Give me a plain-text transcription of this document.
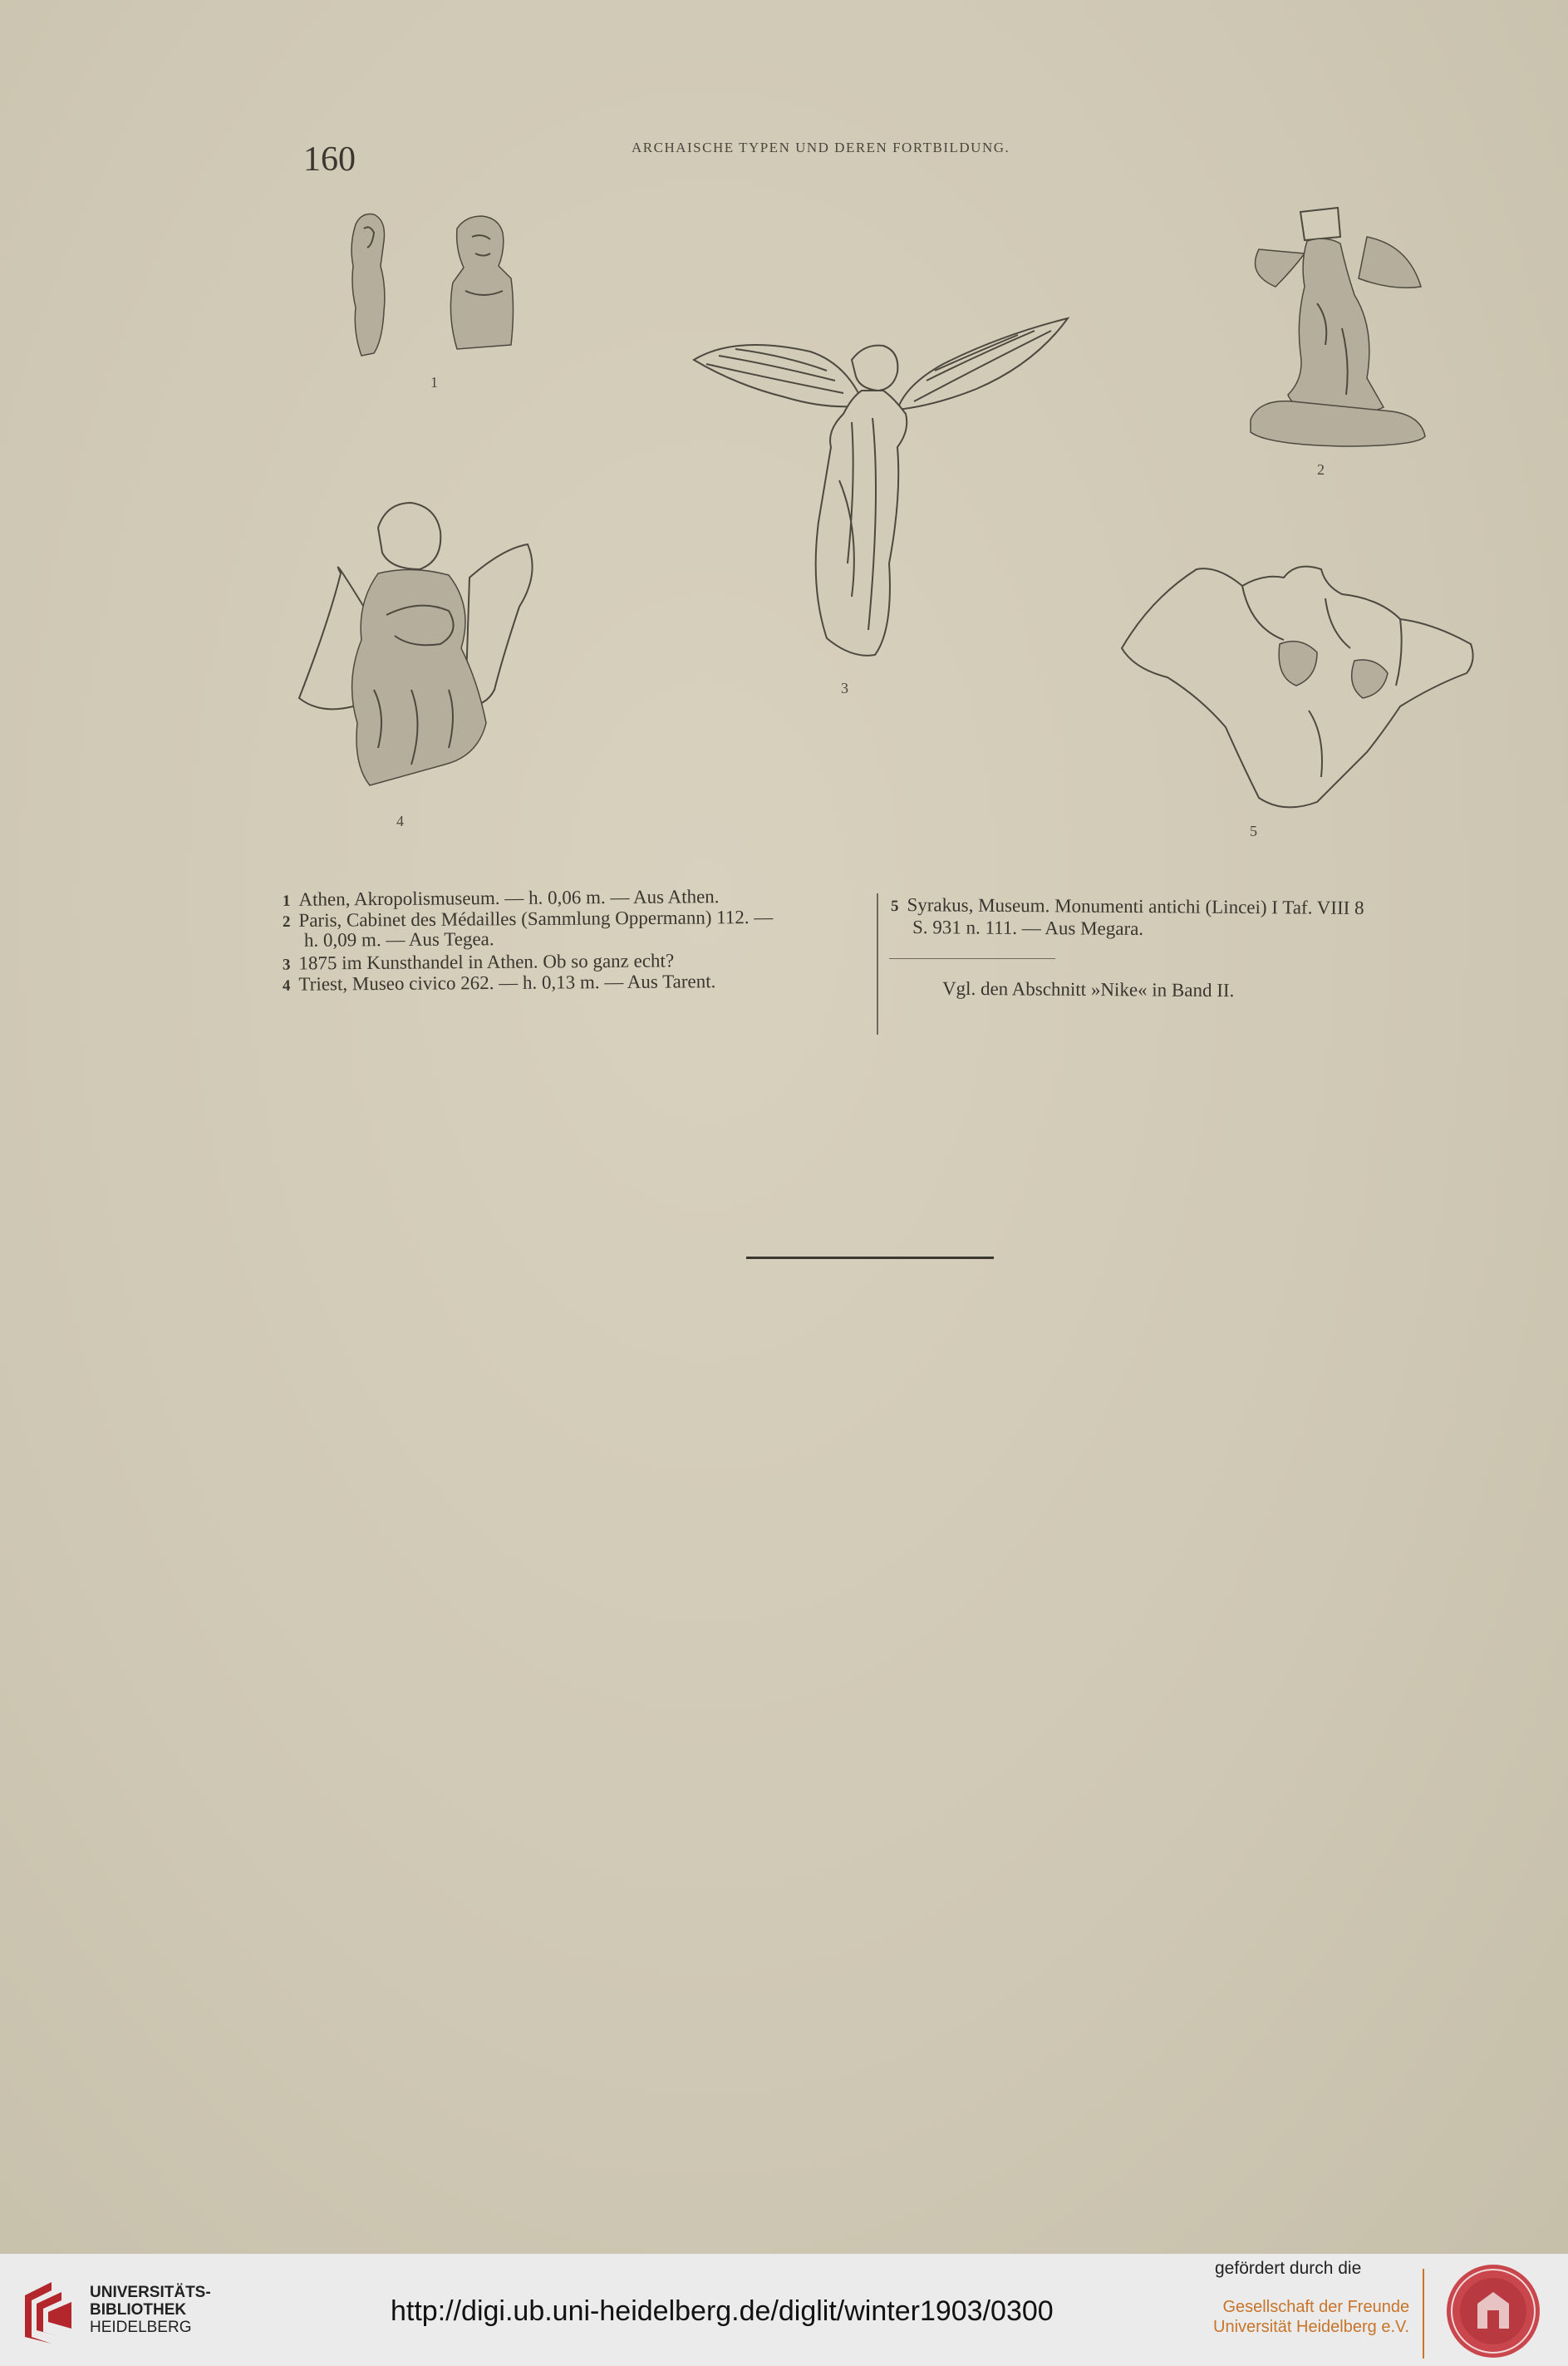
160	ARCHAISCHE TYPEN UND DEREN FORTBILDUNG.
1
2
3
4
5
1 Athen, Akropolismuseum. — h. 0,06 m. — Aus Athen.
2 Paris, Cabinet des Médailles (Sammlung Oppermann) 112. —
h. 0,09 m. — Aus Tegea.
3 1875 im Kunsthandel in Athen. Ob so ganz echt?
4 Triest, Museo civico 262. — h. 0,13 m. — Aus Tarent.
5 Syrakus, Museum. Monumenti antichi (Lincei) I Taf. VIII 8
S. 931 n. 111. — Aus Megara.
Vgl. den Abschnitt »Nike« in Band II.
UNIVERSITÄTS-
BIBLIOTHEK
HEIDELBERG
http://digi.ub.uni-heidelberg.de/diglit/winter1903/0300
gefördert durch die
Gesellschaft der Freunde
Universität Heidelberg e.V.
